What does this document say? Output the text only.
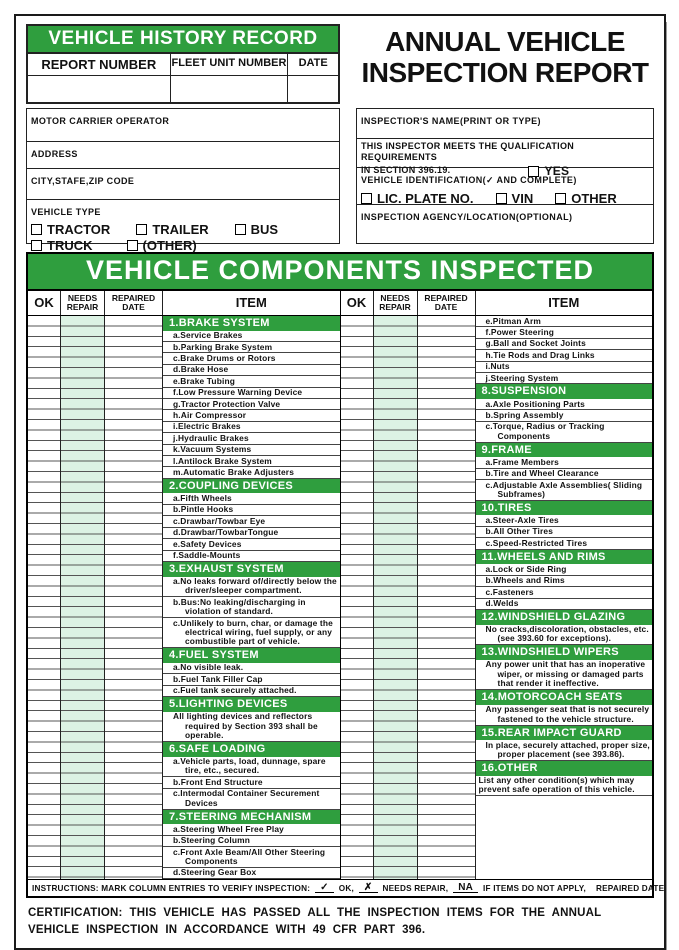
VEHICLE HISTORY RECORD
REPORT NUMBER	FLEET UNIT NUMBER	DATE
ANNUAL VEHICLE
INSPECTION REPORT
MOTOR CARRIER OPERATOR
ADDRESS
CITY,STAFE,ZIP CODE
VEHICLE TYPE
TRACTOR	TRAILER	BUS
TRUCK	(OTHER)
INSPECTIOR'S NAME(PRINT OR TYPE)
THIS INSPECTOR MEETS THE QUALIFICATION REQUIREMENTS
IN SECTION 396.19.	YES
VEHICLE IDENTIFICATION(✓ AND COMPLETE)
LIC. PLATE NO.	VIN	OTHER
INSPECTION AGENCY/LOCATION(OPTIONAL)
VEHICLE COMPONENTS INSPECTED
OK	NEEDS REPAIR
REPAIRED DATE	ITEM
1.BRAKE SYSTEM
a.Service Brakes
b.Parking Brake System
c.Brake Drums or Rotors
d.Brake Hose
e.Brake Tubing
f.Low Pressure Warning Device
g.Tractor Protection Valve
h.Air Compressor
i.Electric Brakes
j.Hydraulic Brakes
k.Vacuum Systems
l.Antilock Brake System
m.Automatic Brake Adjusters
2.COUPLING DEVICES
a.Fifth Wheels
b.Pintle Hooks
c.Drawbar/Towbar Eye
d.Drawbar/TowbarTongue
e.Safety Devices
f.Saddle-Mounts
3.EXHAUST SYSTEM
a.No leaks forward of/directly below the driver/sleeper compartment.
b.Bus:No leaking/discharging in violation of standard.
c.Unlikely to burn, char, or damage the electrical wiring, fuel supply, or any combustible part of vehicle.
4.FUEL SYSTEM
a.No visible leak.
b.Fuel Tank Filler Cap
c.Fuel tank securely attached.
5.LIGHTING DEVICES
All lighting devices and reflectors required by Section 393 shall be operable.
6.SAFE LOADING
a.Vehicle parts, load, dunnage, spare tire, etc., secured.
b.Front End Structure
c.Intermodal Container Securement Devices
7.STEERING MECHANISM
a.Steering Wheel Free Play
b.Steering Column
c.Front Axle Beam/All Other Steering Components
d.Steering Gear Box
OK	NEEDS REPAIR
REPAIRED DATE	ITEM
e.Pitman Arm
f.Power Steering
g.Ball and Socket Joints
h.Tie Rods and Drag Links
i.Nuts
j.Steering System
8.SUSPENSION
a.Axle Positioning Parts
b.Spring Assembly
c.Torque, Radius or Tracking Components
9.FRAME
a.Frame Members
b.Tire and Wheel Clearance
c.Adjustable Axle Assemblies( Sliding Subframes)
10.TIRES
a.Steer-Axle Tires
b.All Other Tires
c.Speed-Restricted Tires
11.WHEELS AND RIMS
a.Lock or Side Ring
b.Wheels and Rims
c.Fasteners
d.Welds
12.WINDSHIELD GLAZING
No cracks,discoloration, obstacles, etc.(see 393.60 for exceptions).
13.WINDSHIELD WIPERS
Any power unit that has an inoperative wiper, or missing or damaged parts that render it ineffective.
14.MOTORCOACH SEATS
Any passenger seat that is not securely fastened to the vehicle structure.
15.REAR IMPACT GUARD
In place, securely attached, proper size, proper placement (see 393.86).
16.OTHER
List any other condition(s) which may prevent safe operation of this vehicle.
INSTRUCTIONS: MARK COLUMN ENTRIES TO VERIFY INSPECTION:	✓	OK,	✗	NEEDS REPAIR,	NA	IF ITEMS DO NOT APPLY, REPAIRED DATE
CERTIFICATION: THIS VEHICLE HAS PASSED ALL THE INSPECTION ITEMS FOR THE ANNUAL VEHICLE INSPECTION IN ACCORDANCE WITH 49 CFR PART 396.
